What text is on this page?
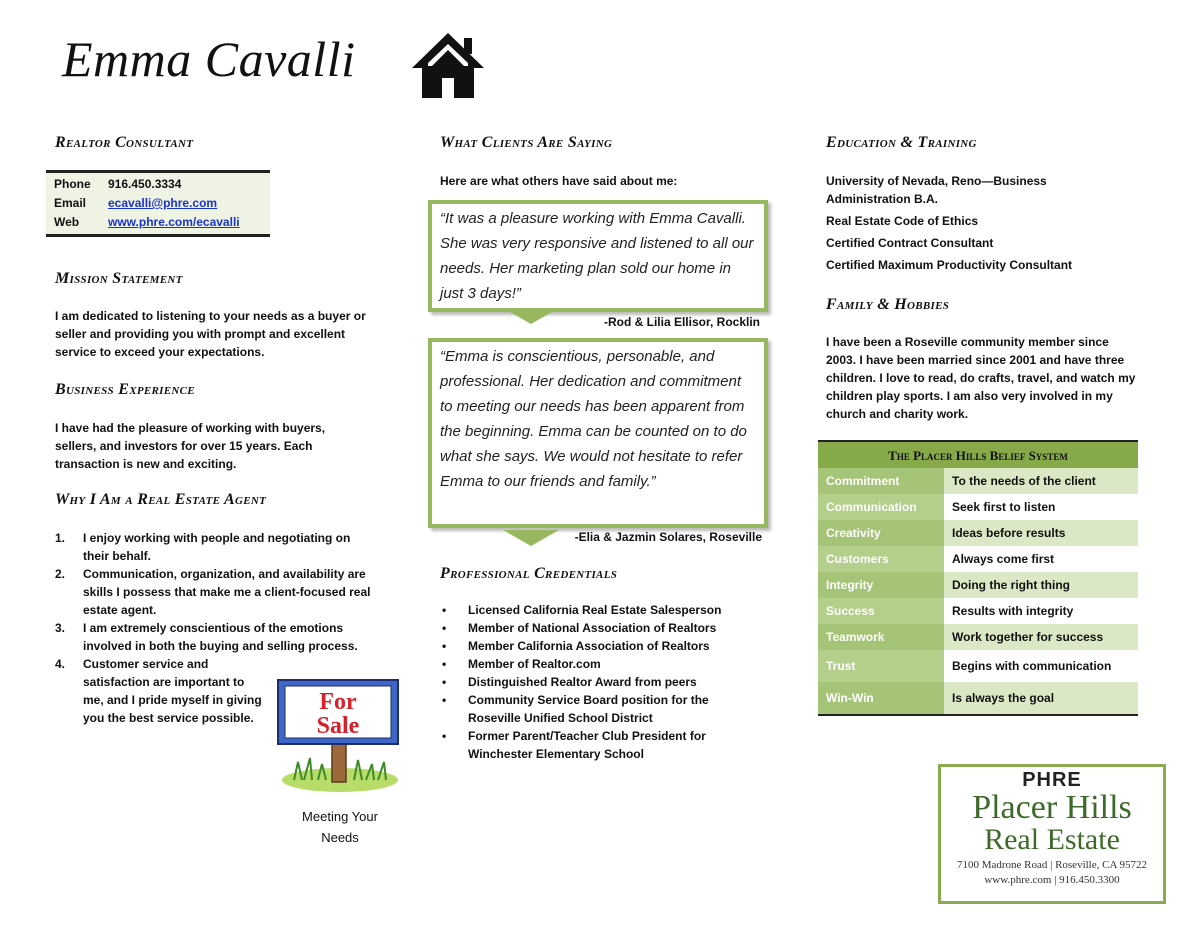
Emma Cavalli
Realtor Consultant
Phone	916.450.3334
Email	ecavalli@phre.com
Web	www.phre.com/ecavalli
Mission Statement
I am dedicated to listening to your needs as a buyer or seller and providing you with prompt and excellent service to exceed your expectations.
Business Experience
I have had the pleasure of working with buyers, sellers, and investors for over 15 years. Each transaction is new and exciting.
Why I Am a Real Estate Agent
1. I enjoy working with people and negotiating on their behalf.
2. Communication, organization, and availability are skills I possess that make me a client-focused real estate agent.
3. I am extremely conscientious of the emotions involved in both the buying and selling process.
4. Customer service and satisfaction are important to me, and I pride myself in giving you the best service possible.
For
Sale
Meeting Your
Needs
What Clients Are Saying
Here are what others have said about me:
“It was a pleasure working with Emma Cavalli. She was very responsive and listened to all our needs. Her marketing plan sold our home in just 3 days!”
-Rod & Lilia Ellisor, Rocklin
“Emma is conscientious, personable, and professional. Her dedication and commitment to meeting our needs has been apparent from the beginning. Emma can be counted on to do what she says. We would not hesitate to refer Emma to our friends and family.”
-Elia & Jazmin Solares, Roseville
Professional Credentials
• Licensed California Real Estate Salesperson
• Member of National Association of Realtors
• Member California Association of Realtors
• Member of Realtor.com
• Distinguished Realtor Award from peers
• Community Service Board position for the Roseville Unified School District
• Former Parent/Teacher Club President for Winchester Elementary School
Education & Training
University of Nevada, Reno—Business Administration B.A.
Real Estate Code of Ethics
Certified Contract Consultant
Certified Maximum Productivity Consultant
Family & Hobbies
I have been a Roseville community member since 2003. I have been married since 2001 and have three children. I love to read, do crafts, travel, and watch my children play sports. I am also very involved in my church and charity work.
The Placer Hills Belief System
Commitment	To the needs of the client
Communication	Seek first to listen
Creativity	Ideas before results
Customers	Always come first
Integrity	Doing the right thing
Success	Results with integrity
Teamwork	Work together for success
Trust	Begins with communication
Win-Win	Is always the goal
PHRE
Placer Hills
Real Estate
7100 Madrone Road | Roseville, CA 95722
www.phre.com | 916.450.3300
